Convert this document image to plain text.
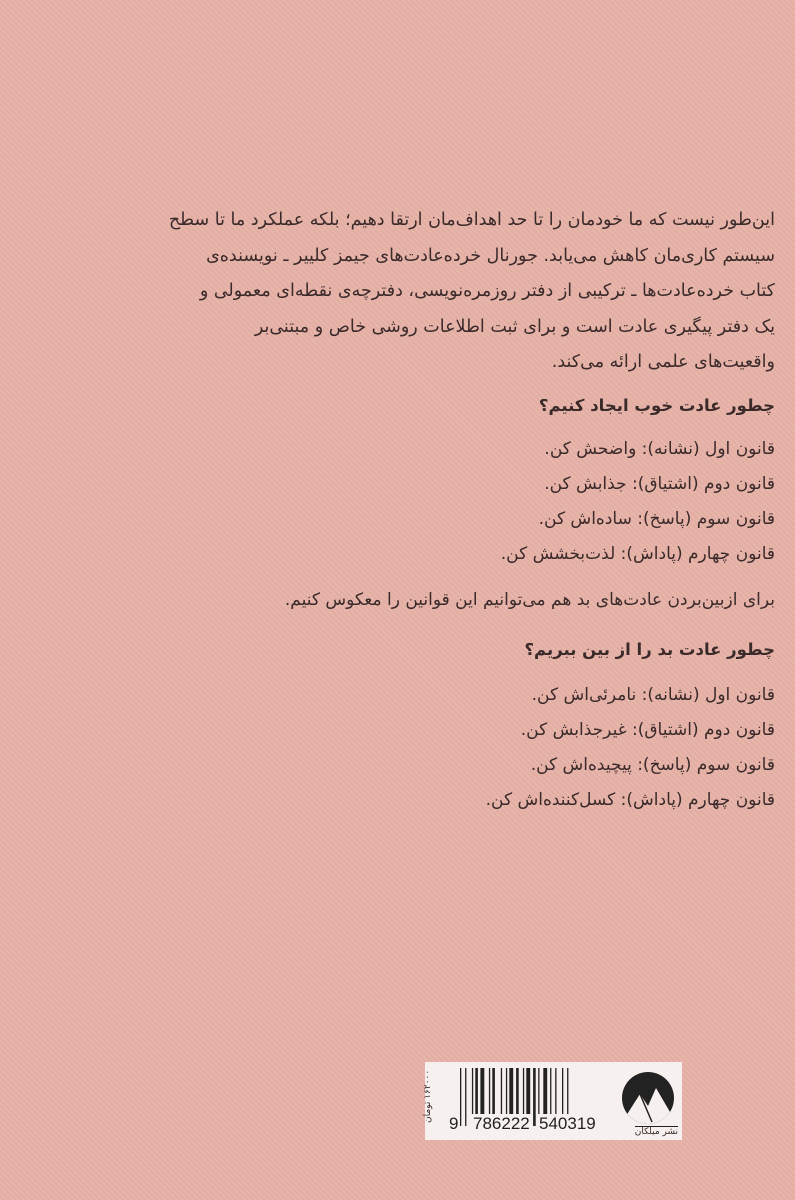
این‌طور نیست که ما خودمان را تا حد اهداف‌مان ارتقا دهیم؛ بلکه عملکرد ما تا سطح
سیستم کاری‌مان کاهش می‌یابد. جورنال خرده‌عادت‌های جیمز کلییر ـ نویسنده‌ی
کتاب خرده‌عادت‌ها ـ ترکیبی از دفتر روزمره‌نویسی، دفترچه‌ی نقطه‌ای معمولی و
یک دفتر پیگیری عادت است و برای ثبت اطلاعات روشی خاص و مبتنی‌بر
واقعیت‌های علمی ارائه می‌کند.
چطور عادت خوب ایجاد کنیم؟
قانون اول (نشانه): واضحش کن.
قانون دوم (اشتیاق): جذابش کن.
قانون سوم (پاسخ): ساده‌اش کن.
قانون چهارم (پاداش): لذت‌بخشش کن.
برای ازبین‌بردن عادت‌های بد هم می‌توانیم این قوانین را معکوس کنیم.
چطور عادت بد را از بین ببریم؟
قانون اول (نشانه): نامرئی‌اش کن.
قانون دوم (اشتیاق): غیرجذابش کن.
قانون سوم (پاسخ): پیچیده‌اش کن.
قانون چهارم (پاداش): کسل‌کننده‌اش کن.
۱۶۲۰۰۰ تومان
9 786222 540319	نشر میلکان
